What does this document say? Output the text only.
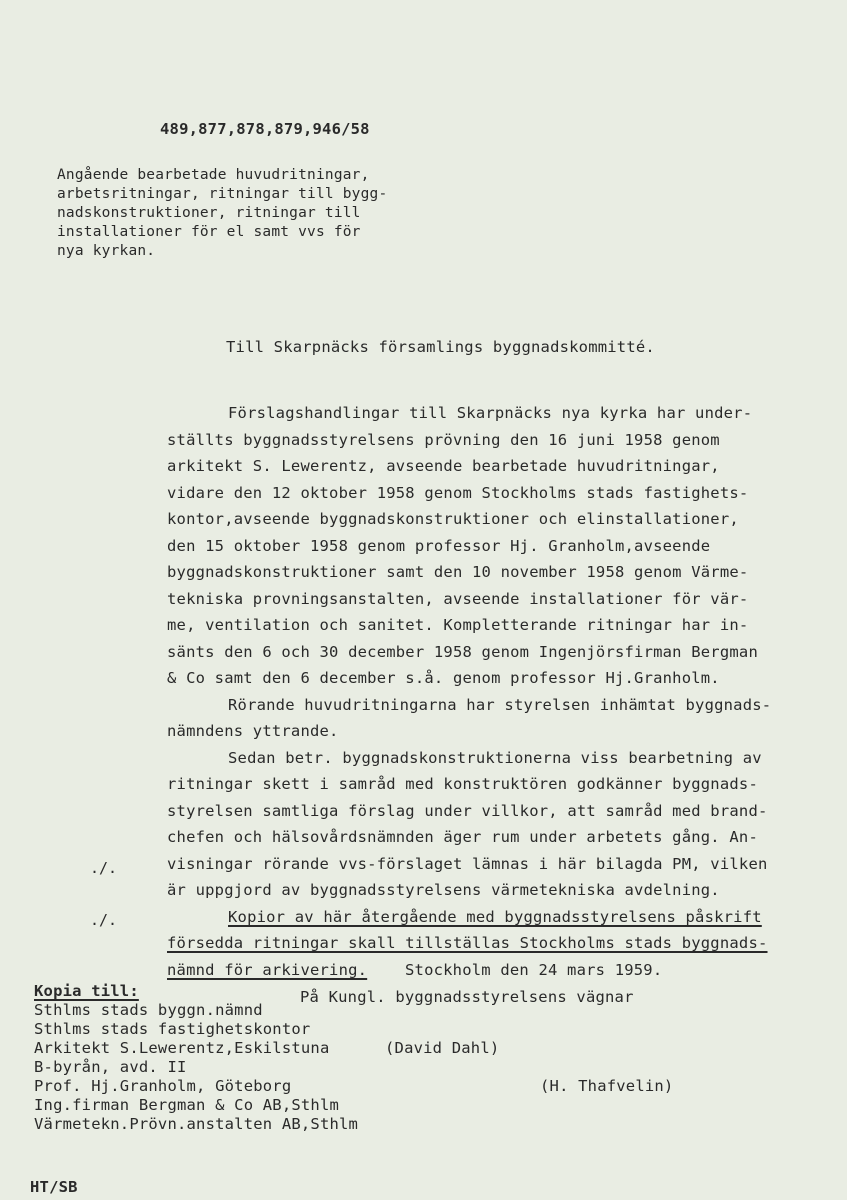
489,877,878,879,946/58
Angående bearbetade huvudritningar,
arbetsritningar, ritningar till bygg-
nadskonstruktioner, ritningar till
installationer för el samt vvs för
nya kyrkan.
Till Skarpnäcks församlings byggnadskommitté.
Förslagshandlingar till Skarpnäcks nya kyrka har under-
ställts byggnadsstyrelsens prövning den 16 juni 1958 genom
arkitekt S. Lewerentz, avseende bearbetade huvudritningar,
vidare den 12 oktober 1958 genom Stockholms stads fastighets-
kontor,avseende byggnadskonstruktioner och elinstallationer,
den 15 oktober 1958 genom professor Hj. Granholm,avseende
byggnadskonstruktioner samt den 10 november 1958 genom Värme-
tekniska provningsanstalten, avseende installationer för vär-
me, ventilation och sanitet. Kompletterande ritningar har in-
sänts den 6 och 30 december 1958 genom Ingenjörsfirman Bergman
& Co samt den 6 december s.å. genom professor Hj.Granholm.
Rörande huvudritningarna har styrelsen inhämtat byggnads-
nämndens yttrande.
Sedan betr. byggnadskonstruktionerna viss bearbetning av
ritningar skett i samråd med konstruktören godkänner byggnads-
styrelsen samtliga förslag under villkor, att samråd med brand-
chefen och hälsovårdsnämnden äger rum under arbetets gång. An-
visningar rörande vvs-förslaget lämnas i här bilagda PM, vilken
är uppgjord av byggnadsstyrelsens värmetekniska avdelning.
Kopior av här återgående med byggnadsstyrelsens påskrift
försedda ritningar skall tillställas Stockholms stads byggnads-
nämnd för arkivering. Stockholm den 24 mars 1959.
./.
./.
På Kungl. byggnadsstyrelsens vägnar
Kopia till:
Sthlms stads byggn.nämnd
Sthlms stads fastighetskontor
Arkitekt S.Lewerentz,Eskilstuna
B-byrån, avd. II
Prof. Hj.Granholm, Göteborg
Ing.firman Bergman & Co AB,Sthlm
Värmetekn.Prövn.anstalten AB,Sthlm
(David Dahl)
(H. Thafvelin)
HT/SB
